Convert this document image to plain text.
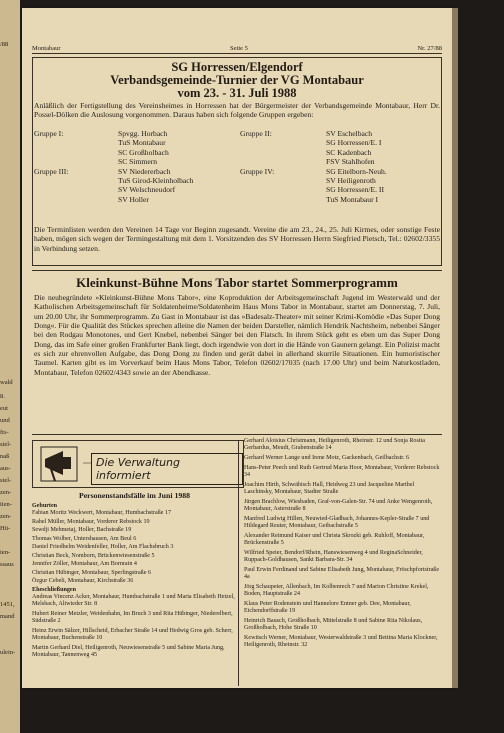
/88
wald
8.
eut
und
fts-
stel-
naß
aus-
stel-
zen-
iien-
zen-
Hü-
ien-
ssaus
1451,
mand
ulein-
Montabaur	Seite 5	Nr. 27/88
SG Horressen/Elgendorf
Verbandsgemeinde-Turnier der VG Montabaur
vom 23. - 31. Juli 1988
Anläßlich der Fertigstellung des Vereinsheimes in Horressen hat der Bürgermeister der Verbandsgemeinde Montabaur, Herr Dr. Possel-Dölken die Auslosung vorgenommen. Daraus haben sich folgende Gruppen ergeben:
Gruppe I:	Spvgg. Horbach
TuS Montabaur
SC Großholbach
SC Simmern
Gruppe II:	SV Eschelbach
SG Horressen/E. I
SC Kadenbach
FSV Stahlhofen
Gruppe III:	SV Niedererbach
TuS Girod-Kleinholbach
SV Welschneudorf
SV Holler
Gruppe IV:	SG Eitelborn-Neuh.
SV Heiligenroth
SG Horressen/E. II
TuS Montabaur I
Die Terminlisten werden den Vereinen 14 Tage vor Beginn zugesandt. Vereine die am 23., 24., 25. Juli Kirmes, oder sonstige Feste haben, mögen sich wegen der Termingestaltung mit dem 1. Vorsitzenden des SV Horressen Herrn Siegfried Pietsch, Tel.: 02602/3355 in Verbindung setzen.
Kleinkunst-Bühne Mons Tabor startet Sommerprogramm
Die neubegründete »Kleinkunst-Bühne Mons Tabor«, eine Koproduktion der Arbeitsgemeinschaft Jugend im Westerwald und der Katholischen Arbeitsgemeinschaft für Soldatenheime/Soldatenheim Haus Mons Tabor in Montabaur, startet am Donnerstag, 7. Juli, um 20.00 Uhr, ihr Sommerprogramm. Zu Gast in Montabaur ist das »Badesalz-Theater« mit seiner Krimi-Komödie »Das Super Dong Dong«. Für die Qualität des Stückes sprechen alleine die Namen der beiden Darsteller, nämlich Hendrik Nachtsheim, nebenbei Sänger bei den Rodgau Monotones, und Gert Knebel, nebenbei Sänger bei den Flatsch. In ihrem Stück geht es eben um das Super Dong Dong, das im Safe einer großen Frankfurter Bank liegt, doch irgendwie von dort in die Hände von Gaunern gelangt. Ein Polizist macht es sich zur ehrenvollen Aufgabe, das Dong Dong zu finden und gerät dabei in allerhand skurrile Situationen. Ein humoristischer Taumel. Karten gibt es im Vorverkauf beim Haus Mons Tabor, Telefon 02602/17035 (nach 17.00 Uhr) und beim Naturkostladen, Montabaur, Telefon 02602/4343 sowie an der Abendkasse.
Die Verwaltung informiert
Personenstandsfälle im Juni 1988
Geburten
Fabian Moritz Weckwert, Montabaur, Humbachstraße 17
Rahel Müller, Montabaur, Vorderer Rebstock 19
Sewdji Mehmetaj, Holler, Bachstraße 19
Thomas Wolber, Untershausen, Am Beul 6
Daniel Friedhelm Weidenfeller, Holler, Am Flachsbruch 3
Christian Beck, Nomborn, Brückenwiesenstraße 5
Jennifer Zöller, Montabaur, Am Bornrain 4
Christian Hübinger, Montabaur, Sperlingstraße 6
Özgur Cebeli, Montabaur, Kirchstraße 36
Eheschließungen
Andreas Vincenz Acker, Montabaur, Humbachstraße 1 und Maria Elisabeth Hetzel, Melsbach, Altwieder Str. 8
Hubert Reiner Metzler, Weidenhahn, Im Bruch 3 und Rita Hübinger, Niederelbert, Südstraße 2
Heinz Erwin Sälzer, Hillscheid, Erbacher Straße 14 und Hedwig Gros geb. Scherr, Montabaur, Buchenstraße 10
Martin Gerhard Diel, Heiligenroth, Neuwiesenstraße 5 und Sabine Maria Jung, Montabaur, Tannenweg 45
Gerhard Aloisius Christmann, Heiligenroth, Rheinstr. 12 und Sonja Rosita Gerhardus, Meudt, Grabenstraße 14
Gerhard Werner Lange und Irene Motz, Gackenbach, Geilbachstr. 6
Hans-Peter Peech und Ruth Gertrud Maria Hoor, Montabaur, Vorderer Rebstock 34
Joachim Hirth, Schwäbisch Hall, Heidweg 23 und Jacqueline Marthel Laschinsky, Montabaur, Stadter Straße
Jürgen Brachlow, Wiesbaden, Graf-von-Galen-Str. 74 und Anke Wengenroth, Montabaur, Asterstraße 8
Manfred Ludwig Hillen, Neuwied-Gladbach, Johannes-Kepler-Straße 7 und Hildegard Reuter, Montabaur, Geibachstraße 5
Alexander Reimund Kaiser und Christa Skrozki geb. Ruhloff, Montabaur, Brückenstraße 5
Wilfried Speier, Bendorf/Rhein, Hanswiesenweg 4 und ReginaSchneider, Ruppach-Goldhausen, Sankt Barbara-Str. 34
Paul Erwin Ferdinand und Sabine Elisabeth Jung, Montabaur, Fröschpfortstraße 4a
Jörg Schaupeter, Allenbach, Im Kolbenrech 7 und Marion Christine Krekel, Boden, Hauptstraße 24
Klaus Peter Rodenstein und Hannelore Entner geb. Dee, Montabaur, Eichendorffstraße 19
Heinrich Bausch, Großholbach, Mittelstraße 8 und Sabine Rita Nikolaus, Großholbach, Hohe Straße 10
Kewitsch Werner, Montabaur, Westerwaldstraße 3 und Bettina Maria Klockner, Heiligenroth, Rheinstr. 32
